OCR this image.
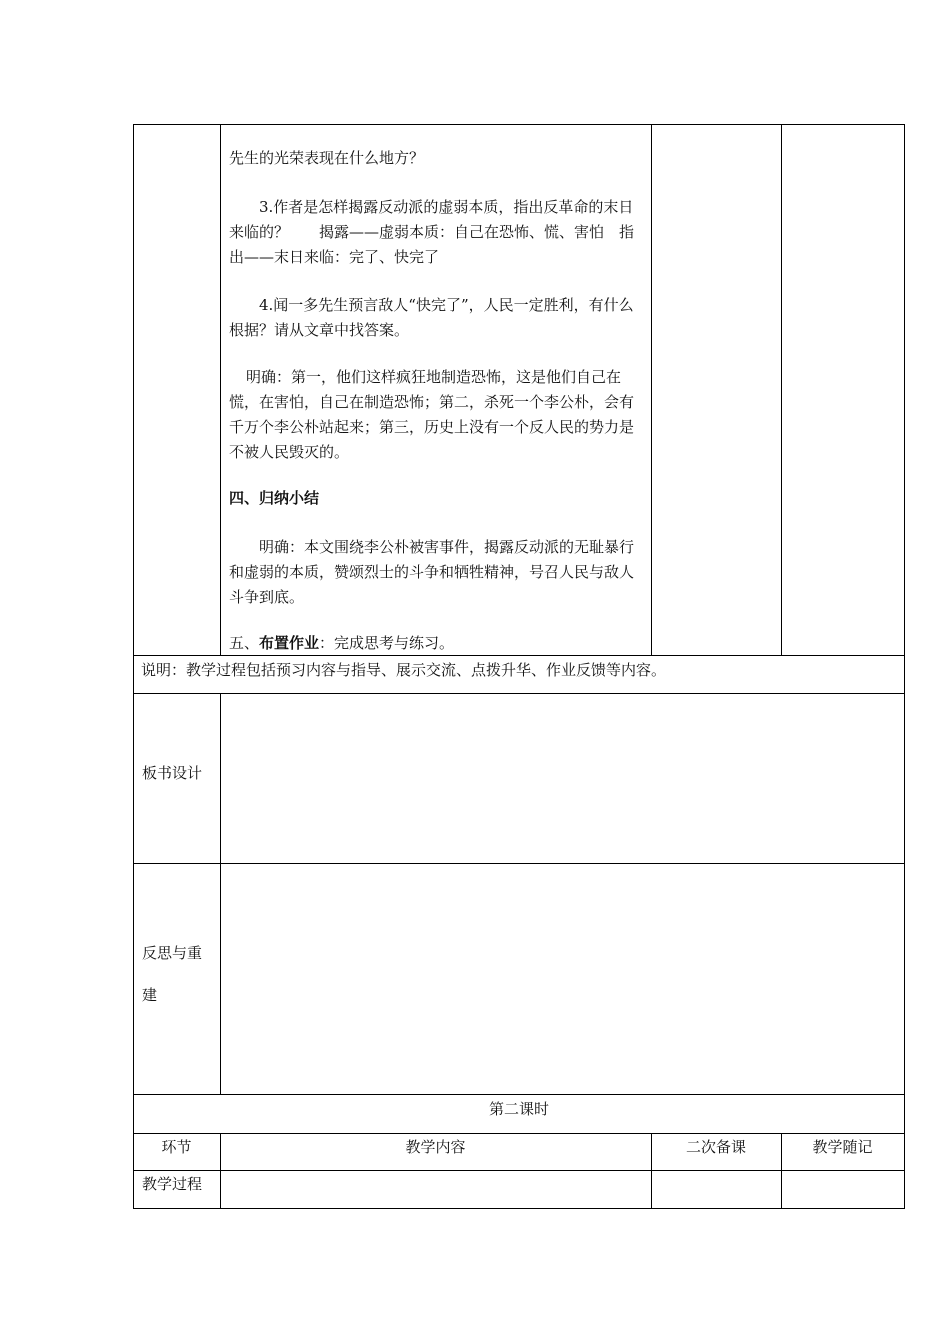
先生的光荣表现在什么地方？
3.作者是怎样揭露反动派的虚弱本质，指出反革命的末日来临的？　　揭露——虚弱本质：自己在恐怖、慌、害怕　指出——末日来临：完了、快完了
4.闻一多先生预言敌人“快完了”，人民一定胜利，有什么根据？请从文章中找答案。
明确：第一，他们这样疯狂地制造恐怖，这是他们自己在慌，在害怕，自己在制造恐怖；第二，杀死一个李公朴，会有千万个李公朴站起来；第三，历史上没有一个反人民的势力是不被人民毁灭的。
四、归纳小结
明确：本文围绕李公朴被害事件，揭露反动派的无耻暴行和虚弱的本质，赞颂烈士的斗争和牺牲精神，号召人民与敌人斗争到底。
五、布置作业：完成思考与练习。
说明：教学过程包括预习内容与指导、展示交流、点拨升华、作业反馈等内容。
板书设计
反思与重
建
第二课时
环节	教学内容	二次备课	教学随记
教学过程
